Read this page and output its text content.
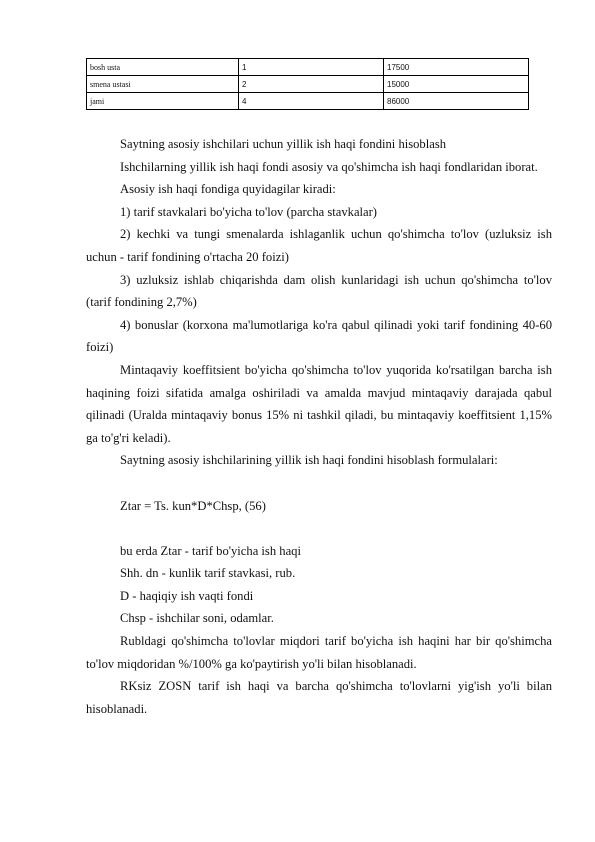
bosh usta	1	17500
smena ustasi	2	15000
jami	4	86000

Saytning asosiy ishchilari uchun yillik ish haqi fondini hisoblash

Ishchilarning yillik ish haqi fondi asosiy va qo'shimcha ish haqi fondlaridan iborat.

Asosiy ish haqi fondiga quyidagilar kiradi:

1) tarif stavkalari bo'yicha to'lov (parcha stavkalar)

2) kechki va tungi smenalarda ishlaganlik uchun qo'shimcha to'lov (uzluksiz ish uchun - tarif fondining o'rtacha 20 foizi)

3) uzluksiz ishlab chiqarishda dam olish kunlaridagi ish uchun qo'shimcha to'lov (tarif fondining 2,7%)

4) bonuslar (korxona ma'lumotlariga ko'ra qabul qilinadi yoki tarif fondining 40-60 foizi)

Mintaqaviy koeffitsient bo'yicha qo'shimcha to'lov yuqorida ko'rsatilgan barcha ish haqining foizi sifatida amalga oshiriladi va amalda mavjud mintaqaviy darajada qabul qilinadi (Uralda mintaqaviy bonus 15% ni tashkil qiladi, bu mintaqaviy koeffitsient 1,15% ga to'g'ri keladi).

Saytning asosiy ishchilarining yillik ish haqi fondini hisoblash formulalari:

Ztar = Ts. kun*D*Chsp, (56)

bu erda Ztar - tarif bo'yicha ish haqi

Shh. dn - kunlik tarif stavkasi, rub.

D - haqiqiy ish vaqti fondi

Chsp - ishchilar soni, odamlar.

Rubldagi qo'shimcha to'lovlar miqdori tarif bo'yicha ish haqini har bir qo'shimcha to'lov miqdoridan %/100% ga ko'paytirish yo'li bilan hisoblanadi.

RKsiz ZOSN tarif ish haqi va barcha qo'shimcha to'lovlarni yig'ish yo'li bilan hisoblanadi.
